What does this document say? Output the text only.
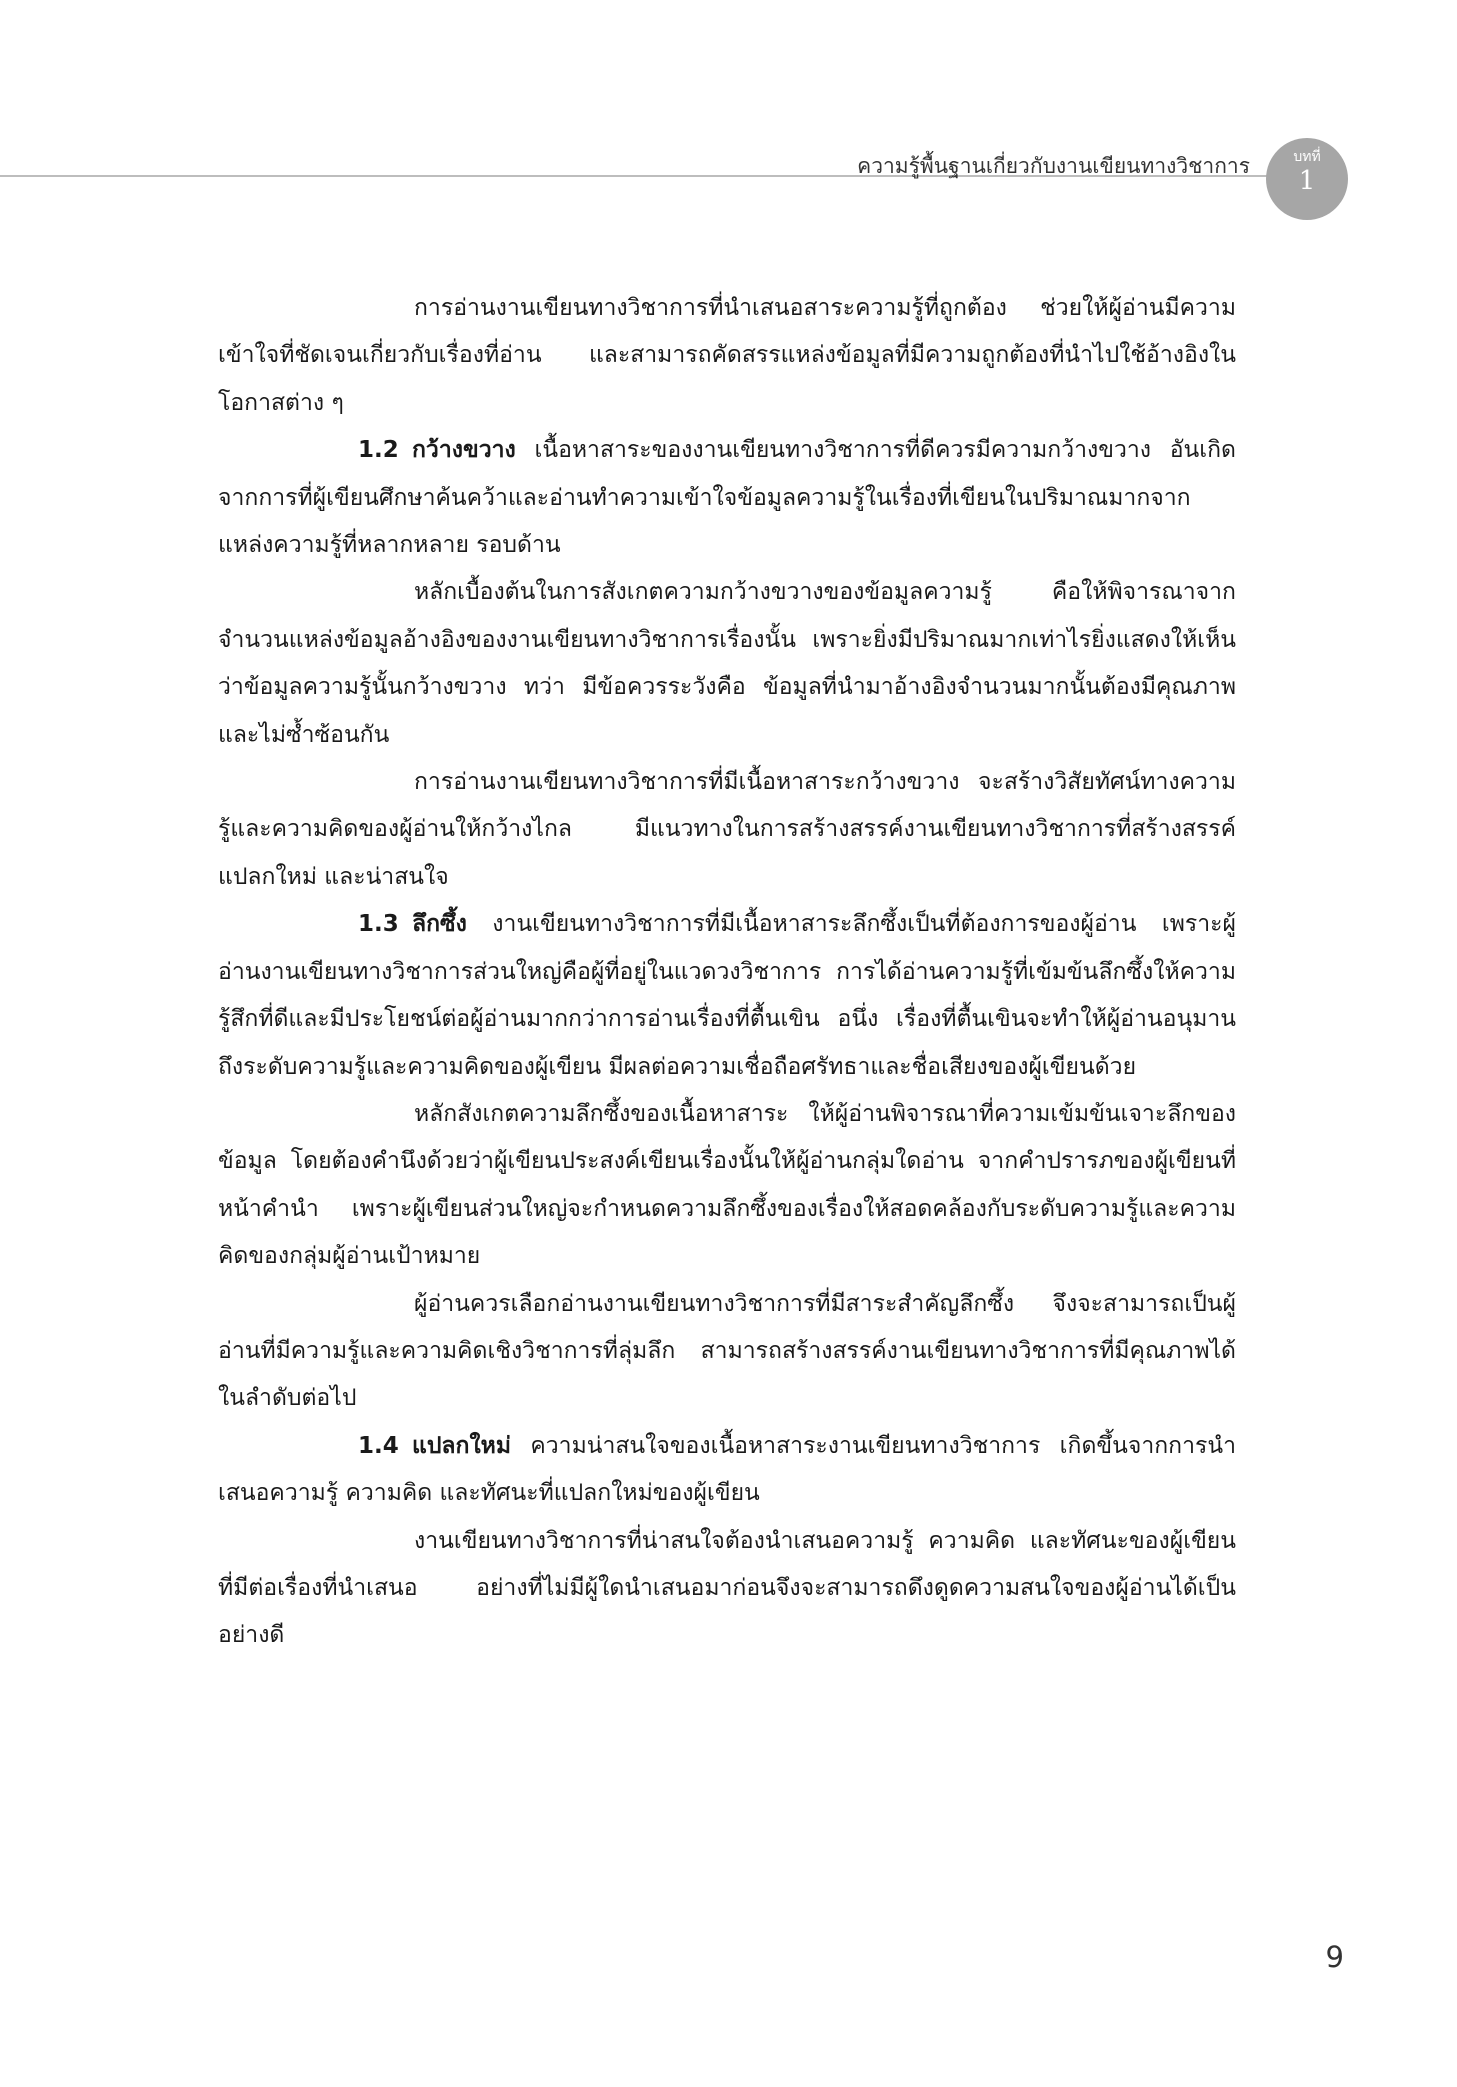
ความรู้พื้นฐานเกี่ยวกับงานเขียนทางวิชาการ	บทที่
1

การอ่านงานเขียนทางวิชาการที่นำเสนอสาระความรู้ที่ถูกต้อง ช่วยให้ผู้อ่านมีความเข้าใจที่ชัดเจนเกี่ยวกับเรื่องที่อ่าน และสามารถคัดสรรแหล่งข้อมูลที่มีความถูกต้องที่นำไปใช้อ้างอิงในโอกาสต่าง ๆ

1.2 กว้างขวาง เนื้อหาสาระของงานเขียนทางวิชาการที่ดีควรมีความกว้างขวาง อันเกิดจากการที่ผู้เขียนศึกษาค้นคว้าและอ่านทำความเข้าใจข้อมูลความรู้ในเรื่องที่เขียนในปริมาณมากจากแหล่งความรู้ที่หลากหลาย รอบด้าน

หลักเบื้องต้นในการสังเกตความกว้างขวางของข้อมูลความรู้ คือให้พิจารณาจากจำนวนแหล่งข้อมูลอ้างอิงของงานเขียนทางวิชาการเรื่องนั้น เพราะยิ่งมีปริมาณมากเท่าไรยิ่งแสดงให้เห็นว่าข้อมูลความรู้นั้นกว้างขวาง ทว่า มีข้อควรระวังคือ ข้อมูลที่นำมาอ้างอิงจำนวนมากนั้นต้องมีคุณภาพและไม่ซ้ำซ้อนกัน

การอ่านงานเขียนทางวิชาการที่มีเนื้อหาสาระกว้างขวาง จะสร้างวิสัยทัศน์ทางความรู้และความคิดของผู้อ่านให้กว้างไกล มีแนวทางในการสร้างสรรค์งานเขียนทางวิชาการที่สร้างสรรค์ แปลกใหม่ และน่าสนใจ

1.3 ลึกซึ้ง งานเขียนทางวิชาการที่มีเนื้อหาสาระลึกซึ้งเป็นที่ต้องการของผู้อ่าน เพราะผู้อ่านงานเขียนทางวิชาการส่วนใหญ่คือผู้ที่อยู่ในแวดวงวิชาการ การได้อ่านความรู้ที่เข้มข้นลึกซึ้งให้ความรู้สึกที่ดีและมีประโยชน์ต่อผู้อ่านมากกว่าการอ่านเรื่องที่ตื้นเขิน อนึ่ง เรื่องที่ตื้นเขินจะทำให้ผู้อ่านอนุมานถึงระดับความรู้และความคิดของผู้เขียน มีผลต่อความเชื่อถือศรัทธาและชื่อเสียงของผู้เขียนด้วย

หลักสังเกตความลึกซึ้งของเนื้อหาสาระ ให้ผู้อ่านพิจารณาที่ความเข้มข้นเจาะลึกของข้อมูล โดยต้องคำนึงด้วยว่าผู้เขียนประสงค์เขียนเรื่องนั้นให้ผู้อ่านกลุ่มใดอ่าน จากคำปรารภของผู้เขียนที่หน้าคำนำ เพราะผู้เขียนส่วนใหญ่จะกำหนดความลึกซึ้งของเรื่องให้สอดคล้องกับระดับความรู้และความคิดของกลุ่มผู้อ่านเป้าหมาย

ผู้อ่านควรเลือกอ่านงานเขียนทางวิชาการที่มีสาระสำคัญลึกซึ้ง จึงจะสามารถเป็นผู้อ่านที่มีความรู้และความคิดเชิงวิชาการที่ลุ่มลึก สามารถสร้างสรรค์งานเขียนทางวิชาการที่มีคุณภาพได้ในลำดับต่อไป

1.4 แปลกใหม่ ความน่าสนใจของเนื้อหาสาระงานเขียนทางวิชาการ เกิดขึ้นจากการนำเสนอความรู้ ความคิด และทัศนะที่แปลกใหม่ของผู้เขียน

งานเขียนทางวิชาการที่น่าสนใจต้องนำเสนอความรู้ ความคิด และทัศนะของผู้เขียนที่มีต่อเรื่องที่นำเสนอ อย่างที่ไม่มีผู้ใดนำเสนอมาก่อนจึงจะสามารถดึงดูดความสนใจของผู้อ่านได้เป็นอย่างดี

9
